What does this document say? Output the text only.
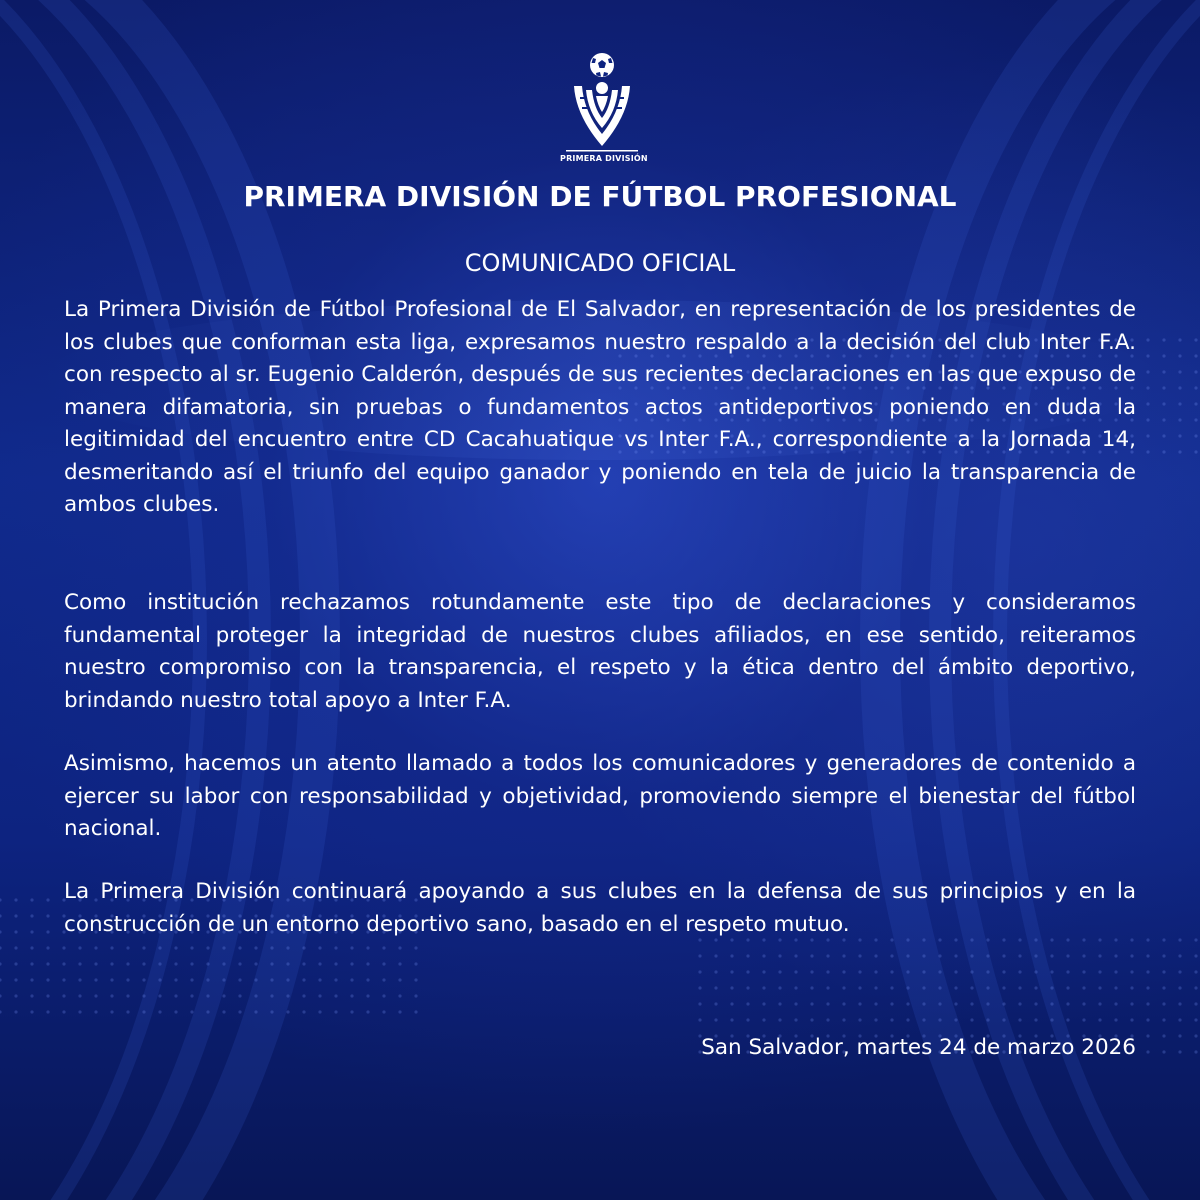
PRIMERA DIVISIÓN
PRIMERA DIVISIÓN DE FÚTBOL PROFESIONAL
COMUNICADO OFICIAL
La Primera División de Fútbol Profesional de El Salvador, en representación de los presidentes de los clubes que conforman esta liga, expresamos nuestro respaldo a la decisión del club Inter F.A. con respecto al sr. Eugenio Calderón, después de sus recientes declaraciones en las que expuso de manera difamatoria, sin pruebas o fundamentos actos antideportivos poniendo en duda la legitimidad del encuentro entre CD Cacahuatique vs Inter F.A., correspondiente a la Jornada 14, desmeritando así el triunfo del equipo ganador y poniendo en tela de juicio la transparencia de ambos clubes.
Como institución rechazamos rotundamente este tipo de declaraciones y consideramos fundamental proteger la integridad de nuestros clubes afiliados, en ese sentido, reiteramos nuestro compromiso con la transparencia, el respeto y la ética dentro del ámbito deportivo, brindando nuestro total apoyo a Inter F.A.
Asimismo, hacemos un atento llamado a todos los comunicadores y generadores de contenido a ejercer su labor con responsabilidad y objetividad, promoviendo siempre el bienestar del fútbol nacional.
La Primera División continuará apoyando a sus clubes en la defensa de sus principios y en la construcción de un entorno deportivo sano, basado en el respeto mutuo.
San Salvador, martes 24 de marzo 2026
